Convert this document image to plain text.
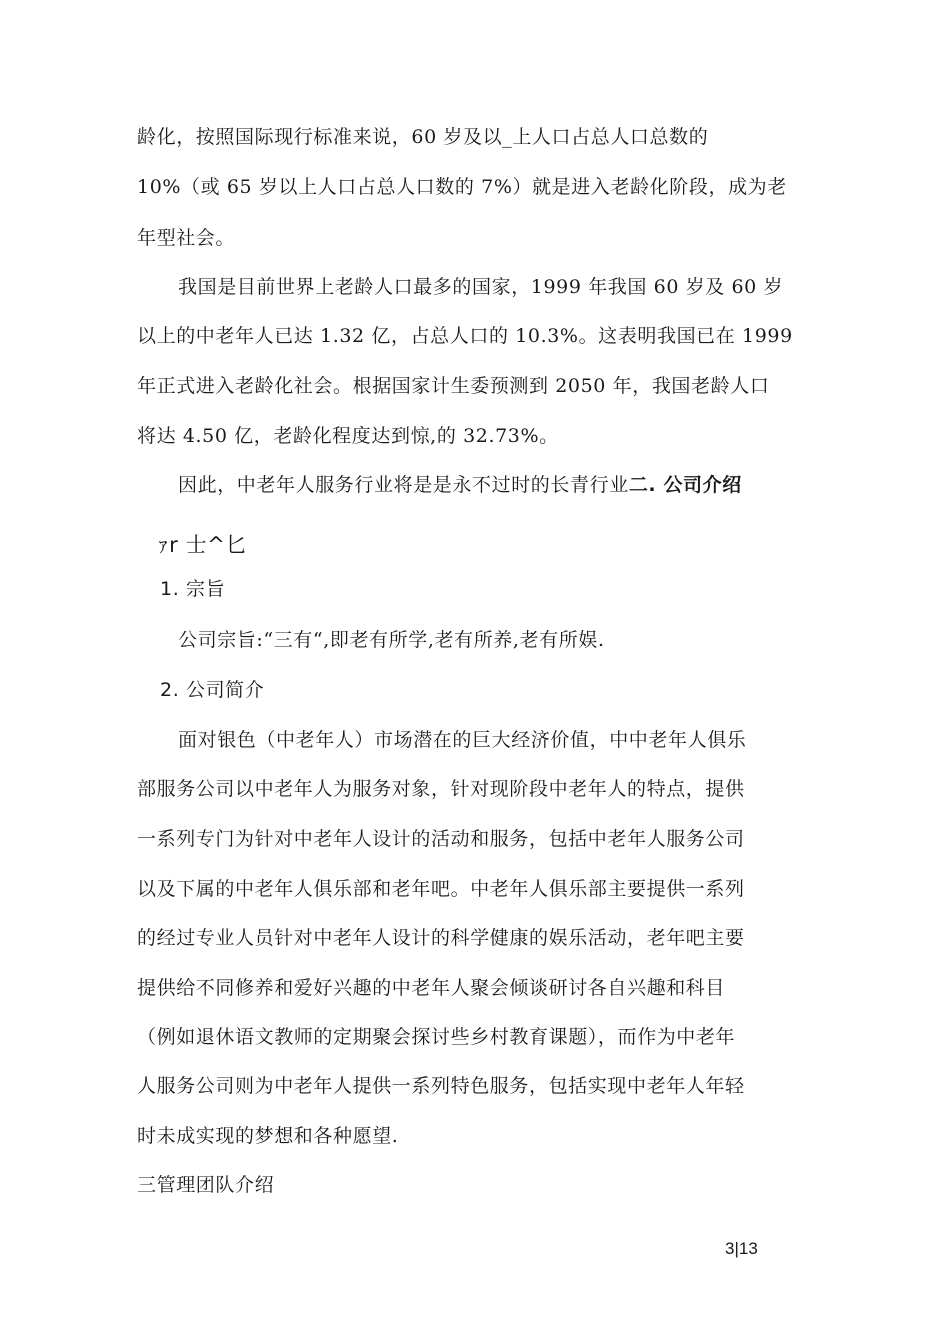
龄化，按照国际现行标准来说，60 岁及以_上人口占总人口总数的
10%（或 65 岁以上人口占总人口数的 7%）就是进入老龄化阶段，成为老
年型社会。
我国是目前世界上老龄人口最多的国家，1999 年我国 60 岁及 60 岁
以上的中老年人已达 1.32 亿，占总人口的 10.3%。这表明我国已在 1999
年正式进入老龄化社会。根据国家计生委预测到 2050 年，我国老龄人口
将达 4.50 亿，老龄化程度达到惊,的 32.73%。
因此，中老年人服务行业将是是永不过时的长青行业二. 公司介绍
ｧr 士^匕
1. 宗旨
公司宗旨:“三有“,即老有所学,老有所养,老有所娱.
2. 公司简介
面对银色（中老年人）市场潜在的巨大经济价值，中中老年人俱乐
部服务公司以中老年人为服务对象，针对现阶段中老年人的特点，提供
一系列专门为针对中老年人设计的活动和服务，包括中老年人服务公司
以及下属的中老年人俱乐部和老年吧。中老年人俱乐部主要提供一系列
的经过专业人员针对中老年人设计的科学健康的娱乐活动，老年吧主要
提供给不同修养和爱好兴趣的中老年人聚会倾谈研讨各自兴趣和科目
（例如退休语文教师的定期聚会探讨些乡村教育课题），而作为中老年
人服务公司则为中老年人提供一系列特色服务，包括实现中老年人年轻
时未成实现的梦想和各种愿望.
三管理团队介绍
3|13
